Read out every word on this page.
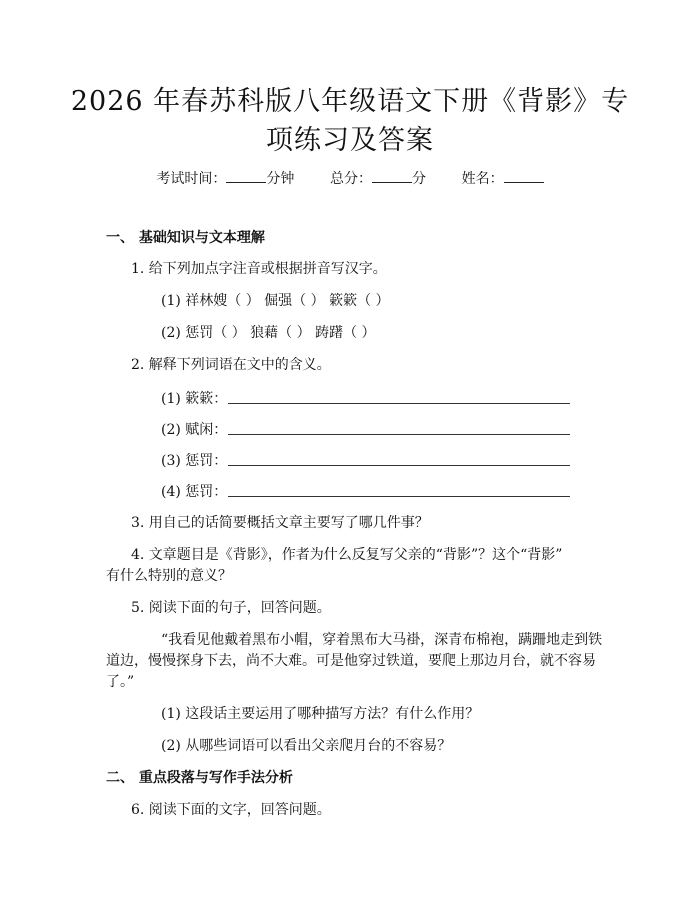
2026 年春苏科版八年级语文下册《背影》专
项练习及答案
考试时间：	分钟	总分：	分	姓名：
一、 基础知识与文本理解
1. 给下列加点字注音或根据拼音写汉字。
(1) 祥林嫂（ ） 倔强（ ） 簌簌（ ）
(2) 惩罚（ ） 狼藉（ ） 踌躇（ ）
2. 解释下列词语在文中的含义。
(1) 簌簌：
(2) 赋闲：
(3) 惩罚：
(4) 惩罚：
3. 用自己的话简要概括文章主要写了哪几件事？
4. 文章题目是《背影》，作者为什么反复写父亲的“背影”？这个“背影”
有什么特别的意义？
5. 阅读下面的句子，回答问题。
“我看见他戴着黑布小帽，穿着黑布大马褂，深青布棉袍，蹒跚地走到铁
道边，慢慢探身下去，尚不大难。可是他穿过铁道，要爬上那边月台，就不容易
了。”
(1) 这段话主要运用了哪种描写方法？有什么作用？
(2) 从哪些词语可以看出父亲爬月台的不容易？
二、 重点段落与写作手法分析
6. 阅读下面的文字，回答问题。
